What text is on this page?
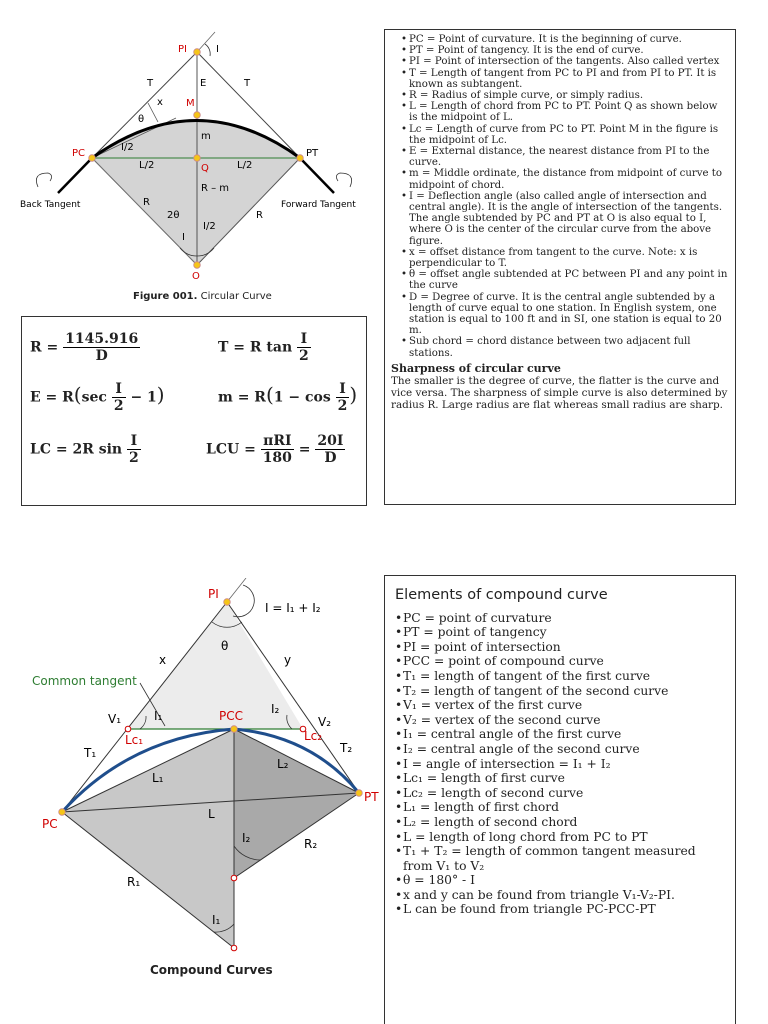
PI	I
T	E	T
x
θ
M
PC	PT
I/2
L/2	Q	L/2
m
R – m
Back Tangent	Forward Tangent
R
R
2θ
I
I/2
O
Figure 001. Circular Curve
$R = \frac{1145.916}{D}$	T = R $\tan \frac{I}{2}$
$E = R(\sec \frac{I}{2} - 1)$	$m = R(1 - \cos \frac{I}{2}$ )
LC = 2R $\sin \frac{I}{2}$	LCU = $\frac{\text{πRI}}{180} = \frac{20I}{D}$
• PC = Point of curvature. It is the beginning of curve.
• PT = Point of tangency. It is the end of curve.
• PI = Point of intersection of the tangents. Also called vertex
• T = Length of tangent from PC to PI and from PI to PT. It is known as subtangent.
• R = Radius of simple curve, or simply radius.
• L = Length of chord from PC to PT. Point Q as shown below is the midpoint of L.
• Lc = Length of curve from PC to PT. Point M in the figure is the midpoint of Lc.
• E = External distance, the nearest distance from PI to the curve.
• m = Middle ordinate, the distance from midpoint of curve to midpoint of chord.
• I = Deflection angle (also called angle of intersection and central angle). It is the angle of intersection of the tangents. The angle subtended by PC and PT at O is also equal to I, where O is the center of the circular curve from the above figure.
• x = offset distance from tangent to the curve. Note: x is perpendicular to T.
• θ = offset angle subtended at PC between PI and any point in the curve
• D = Degree of curve. It is the central angle subtended by a length of curve equal to one station. In English system, one station is equal to 100 ft and in SI, one station is equal to 20 m.
• Sub chord = chord distance between two adjacent full stations.
Sharpness of circular curve

The smaller is the degree of curve, the flatter is the curve and vice versa. The sharpness of simple curve is also determined by radius R. Large radius are flat whereas small radius are sharp.

PI
I = I₁ + I₂
θ
x	y
Common tangent
V₁	I₁	PCC I₂
V₂
T₁
Lc₁	Lc₂
T₂
L₁
L₂
PC
PT
L
I₂	R₂
R₁
I₁
Compound Curves
Elements of compound curve
• PC = point of curvature
• PT = point of tangency
• PI = point of intersection
• PCC = point of compound curve
• T₁ = length of tangent of the first curve
• T₂ = length of tangent of the second curve
• V₁ = vertex of the first curve
• V₂ = vertex of the second curve
• I₁ = central angle of the first curve
• I₂ = central angle of the second curve
• I = angle of intersection = I₁ + I₂
• Lc₁ = length of first curve
• Lc₂ = length of second curve
• L₁ = length of first chord
• L₂ = length of second chord
• L = length of long chord from PC to PT
• T₁ + T₂ = length of common tangent measured from V₁ to V₂
• θ = 180° - I
• x and y can be found from triangle V₁-V₂-PI.
• L can be found from triangle PC-PCC-PT
